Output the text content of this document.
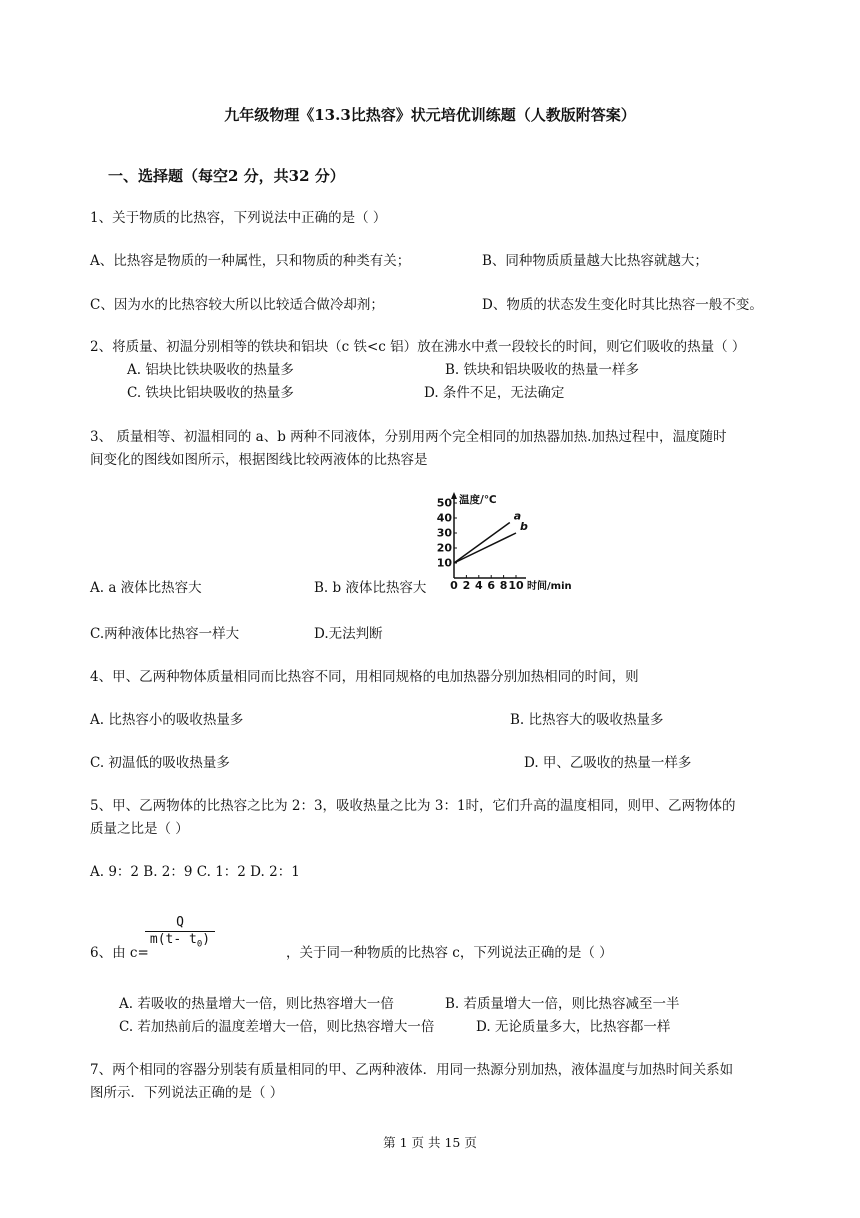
九年级物理《13.3比热容》状元培优训练题（人教版附答案）
一、选择题（每空2 分，共32 分）
1、关于物质的比热容，下列说法中正确的是（ ）
A、比热容是物质的一种属性，只和物质的种类有关；	B、同种物质质量越大比热容就越大；
C、因为水的比热容较大所以比较适合做冷却剂；	D、物质的状态发生变化时其比热容一般不变。
2、将质量、初温分别相等的铁块和铝块（c 铁<c 铝）放在沸水中煮一段较长的时间，则它们吸收的热量（ ）
A. 铝块比铁块吸收的热量多	B. 铁块和铝块吸收的热量一样多
C. 铁块比铝块吸收的热量多	D. 条件不足，无法确定
3、 质量相等、初温相同的 a、b 两种不同液体，分别用两个完全相同的加热器加热.加热过程中，温度随时
间变化的图线如图所示，根据图线比较两液体的比热容是
温度/℃
时间/min
10
20
30
40
50
0 2 4 6 8 10
a
b
A. a 液体比热容大	B. b 液体比热容大
C.两种液体比热容一样大	D.无法判断
4、甲、乙两种物体质量相同而比热容不同，用相同规格的电加热器分别加热相同的时间，则
A. 比热容小的吸收热量多	B. 比热容大的吸收热量多
C. 初温低的吸收热量多	D. 甲、乙吸收的热量一样多
5、甲、乙两物体的比热容之比为 2：3，吸收热量之比为 3：1时，它们升高的温度相同，则甲、乙两物体的
质量之比是（ ）
A. 9：2 B. 2：9 C. 1：2 D. 2：1
6、由 c=
Q
m(t- $t_0$)
，关于同一种物质的比热容 c，下列说法正确的是（ ）
A. 若吸收的热量增大一倍，则比热容增大一倍	B. 若质量增大一倍，则比热容减至一半
C. 若加热前后的温度差增大一倍，则比热容增大一倍	D. 无论质量多大，比热容都一样
7、两个相同的容器分别装有质量相同的甲、乙两种液体．用同一热源分别加热，液体温度与加热时间关系如
图所示．下列说法正确的是（ ）
第 1 页 共 15 页
